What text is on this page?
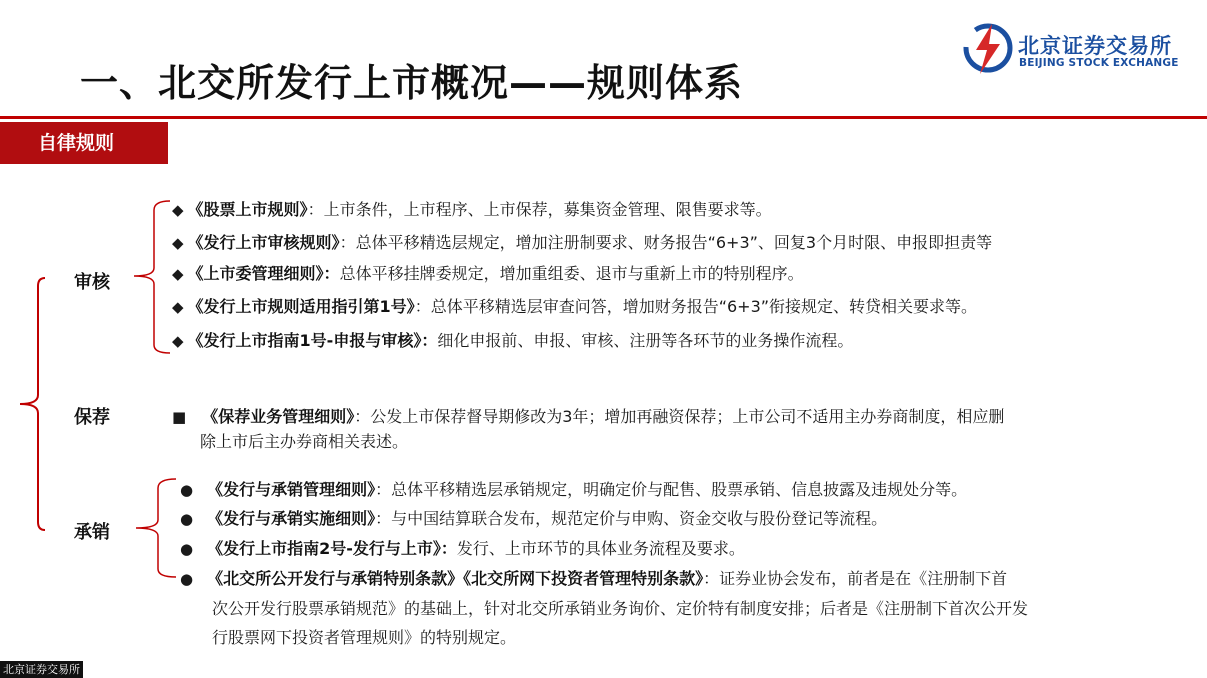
一、北交所发行上市概况——规则体系
北京证券交易所
BEIJING STOCK EXCHANGE
自律规则
审核
保荐
承销
◆ 《股票上市规则》：上市条件，上市程序、上市保荐，募集资金管理、限售要求等。
◆ 《发行上市审核规则》：总体平移精选层规定，增加注册制要求、财务报告“6+3”、回复3个月时限、申报即担责等
◆ 《上市委管理细则》：总体平移挂牌委规定，增加重组委、退市与重新上市的特别程序。
◆ 《发行上市规则适用指引第1号》：总体平移精选层审查问答，增加财务报告“6+3”衔接规定、转贷相关要求等。
◆ 《发行上市指南1号-申报与审核》：细化申报前、申报、审核、注册等各环节的业务操作流程。
■ 《保荐业务管理细则》：公发上市保荐督导期修改为3年；增加再融资保荐；上市公司不适用主办券商制度，相应删
除上市后主办券商相关表述。
● 《发行与承销管理细则》：总体平移精选层承销规定，明确定价与配售、股票承销、信息披露及违规处分等。
● 《发行与承销实施细则》：与中国结算联合发布，规范定价与申购、资金交收与股份登记等流程。
● 《发行上市指南2号-发行与上市》：发行、上市环节的具体业务流程及要求。
● 《北交所公开发行与承销特别条款》《北交所网下投资者管理特别条款》：证券业协会发布，前者是在《注册制下首
次公开发行股票承销规范》的基础上，针对北交所承销业务询价、定价特有制度安排；后者是《注册制下首次公开发
行股票网下投资者管理规则》的特别规定。
北京证券交易所
